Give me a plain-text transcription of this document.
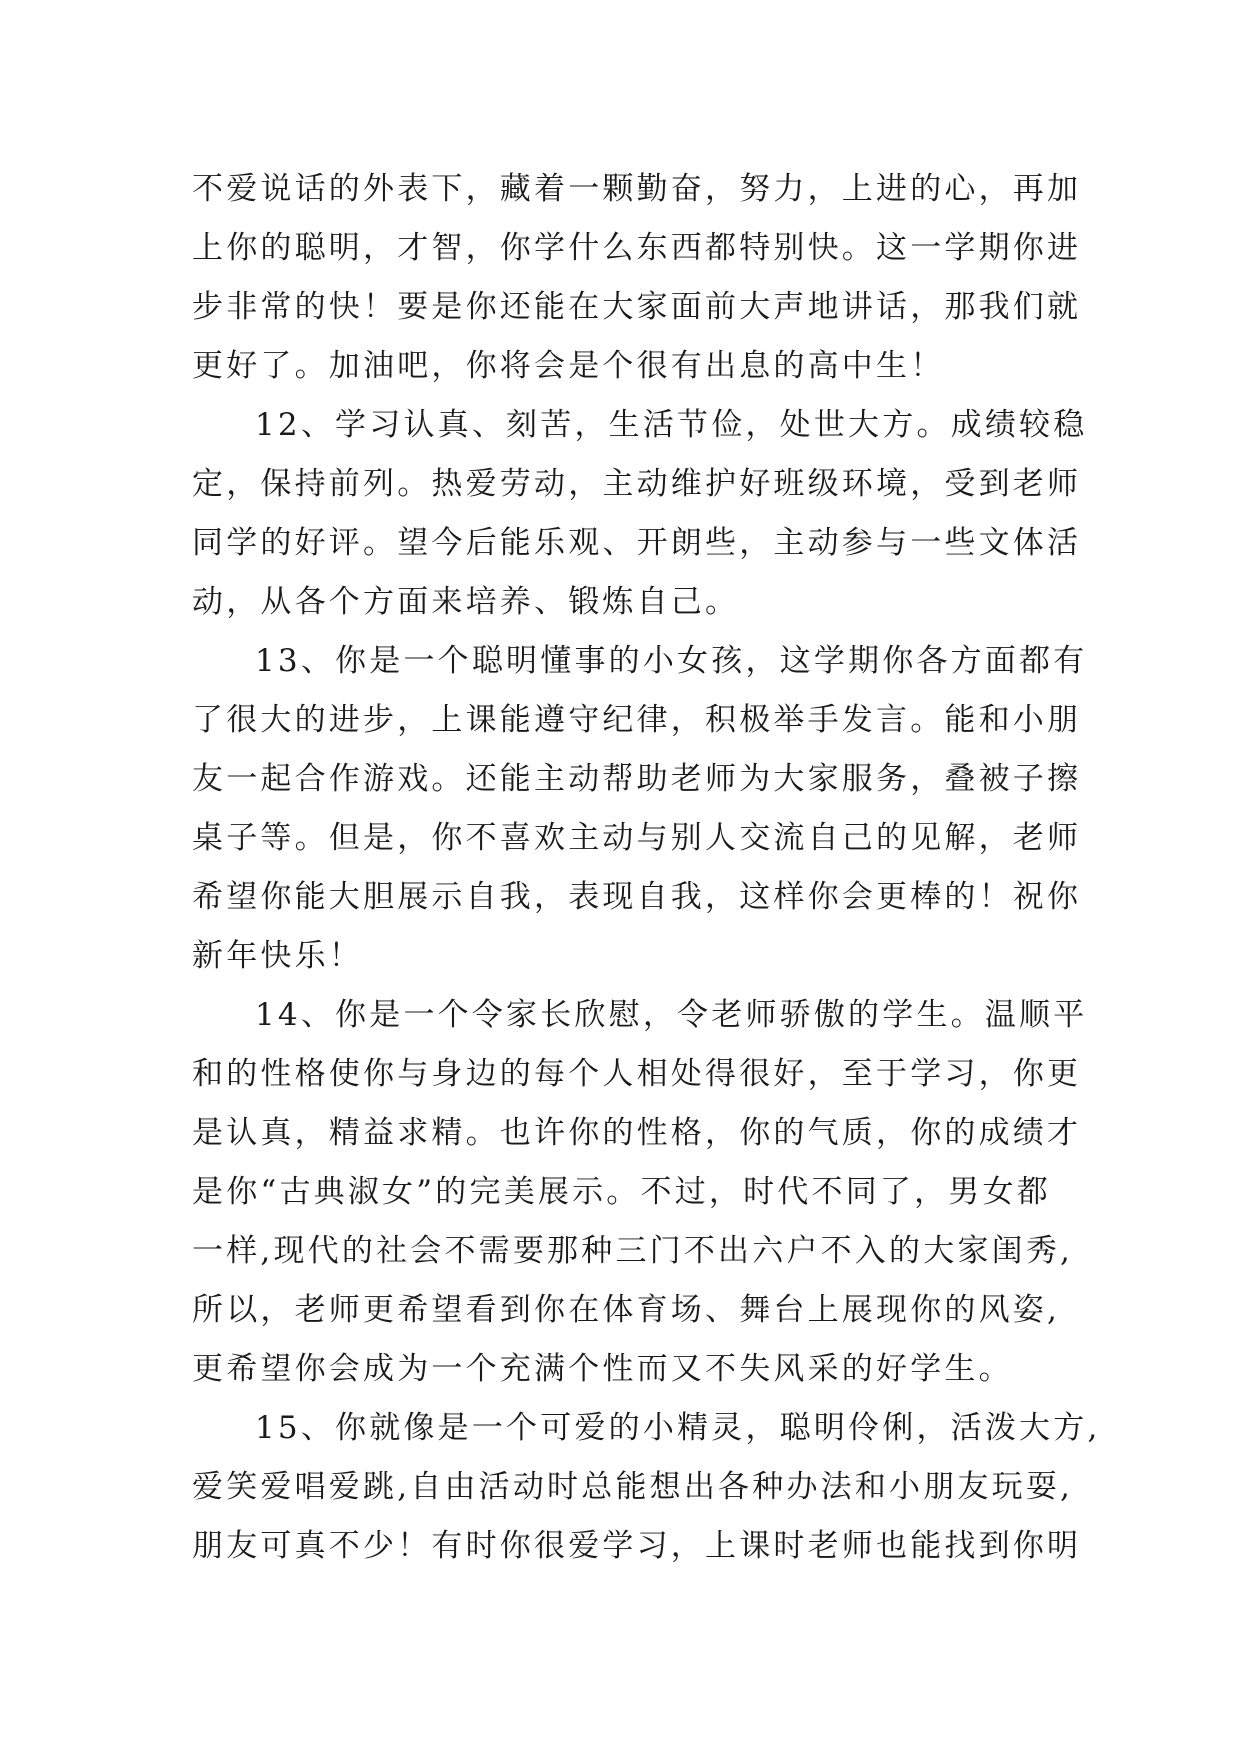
不爱说话的外表下，藏着一颗勤奋，努力，上进的心，再加
上你的聪明，才智，你学什么东西都特别快。这一学期你进
步非常的快！要是你还能在大家面前大声地讲话，那我们就
更好了。加油吧，你将会是个很有出息的高中生！
12、学习认真、刻苦，生活节俭，处世大方。成绩较稳
定，保持前列。热爱劳动，主动维护好班级环境，受到老师
同学的好评。望今后能乐观、开朗些，主动参与一些文体活
动，从各个方面来培养、锻炼自己。
13、你是一个聪明懂事的小女孩，这学期你各方面都有
了很大的进步，上课能遵守纪律，积极举手发言。能和小朋
友一起合作游戏。还能主动帮助老师为大家服务，叠被子擦
桌子等。但是，你不喜欢主动与别人交流自己的见解，老师
希望你能大胆展示自我，表现自我，这样你会更棒的！祝你
新年快乐！
14、你是一个令家长欣慰，令老师骄傲的学生。温顺平
和的性格使你与身边的每个人相处得很好，至于学习，你更
是认真，精益求精。也许你的性格，你的气质，你的成绩才
是你“古典淑女”的完美展示。不过，时代不同了，男女都
一样,现代的社会不需要那种三门不出六户不入的大家闺秀,
所以，老师更希望看到你在体育场、舞台上展现你的风姿,
更希望你会成为一个充满个性而又不失风采的好学生。
15、你就像是一个可爱的小精灵，聪明伶俐，活泼大方,
爱笑爱唱爱跳,自由活动时总能想出各种办法和小朋友玩耍,
朋友可真不少！有时你很爱学习，上课时老师也能找到你明
